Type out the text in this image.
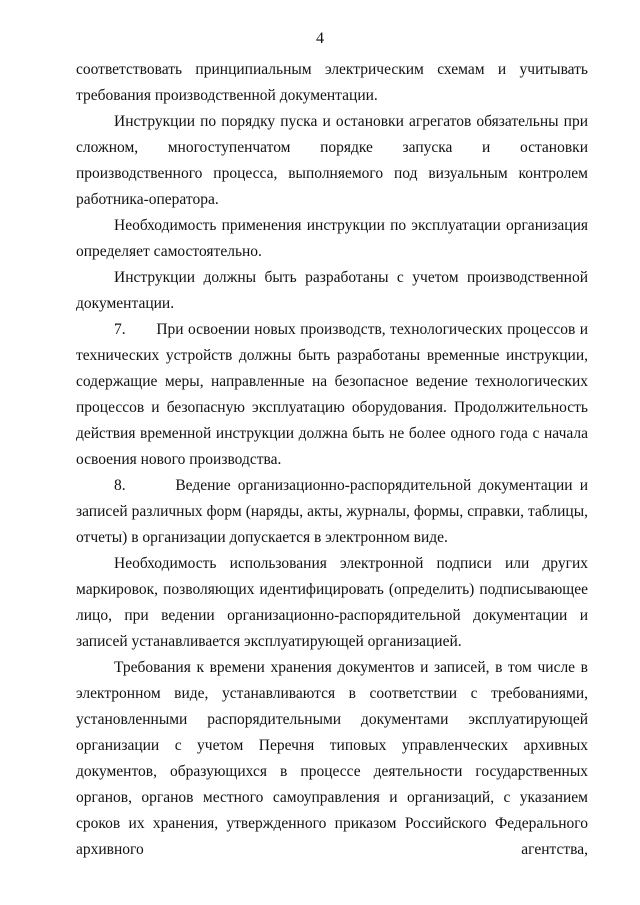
4

соответствовать принципиальным электрическим схемам и учитывать требования производственной документации.

Инструкции по порядку пуска и остановки агрегатов обязательны при сложном, многоступенчатом порядке запуска и остановки производственного процесса, выполняемого под визуальным контролем работника-оператора.

Необходимость применения инструкции по эксплуатации организация определяет самостоятельно.

Инструкции должны быть разработаны с учетом производственной документации.

7.       При освоении новых производств, технологических процессов и технических устройств должны быть разработаны временные инструкции, содержащие меры, направленные на безопасное ведение технологических процессов и безопасную эксплуатацию оборудования. Продолжительность действия временной инструкции должна быть не более одного года с начала освоения нового производства.

8.       Ведение организационно-распорядительной документации и записей различных форм (наряды, акты, журналы, формы, справки, таблицы, отчеты) в организации допускается в электронном виде.

Необходимость использования электронной подписи или других маркировок, позволяющих идентифицировать (определить) подписывающее лицо, при ведении организационно-распорядительной документации и записей устанавливается эксплуатирующей организацией.

Требования к времени хранения документов и записей, в том числе в электронном виде, устанавливаются в соответствии с требованиями, установленными распорядительными документами эксплуатирующей организации с учетом Перечня типовых управленческих архивных документов, образующихся в процессе деятельности государственных органов, органов местного самоуправления и организаций, с указанием сроков их хранения, утвержденного приказом Российского Федерального архивного агентства,
